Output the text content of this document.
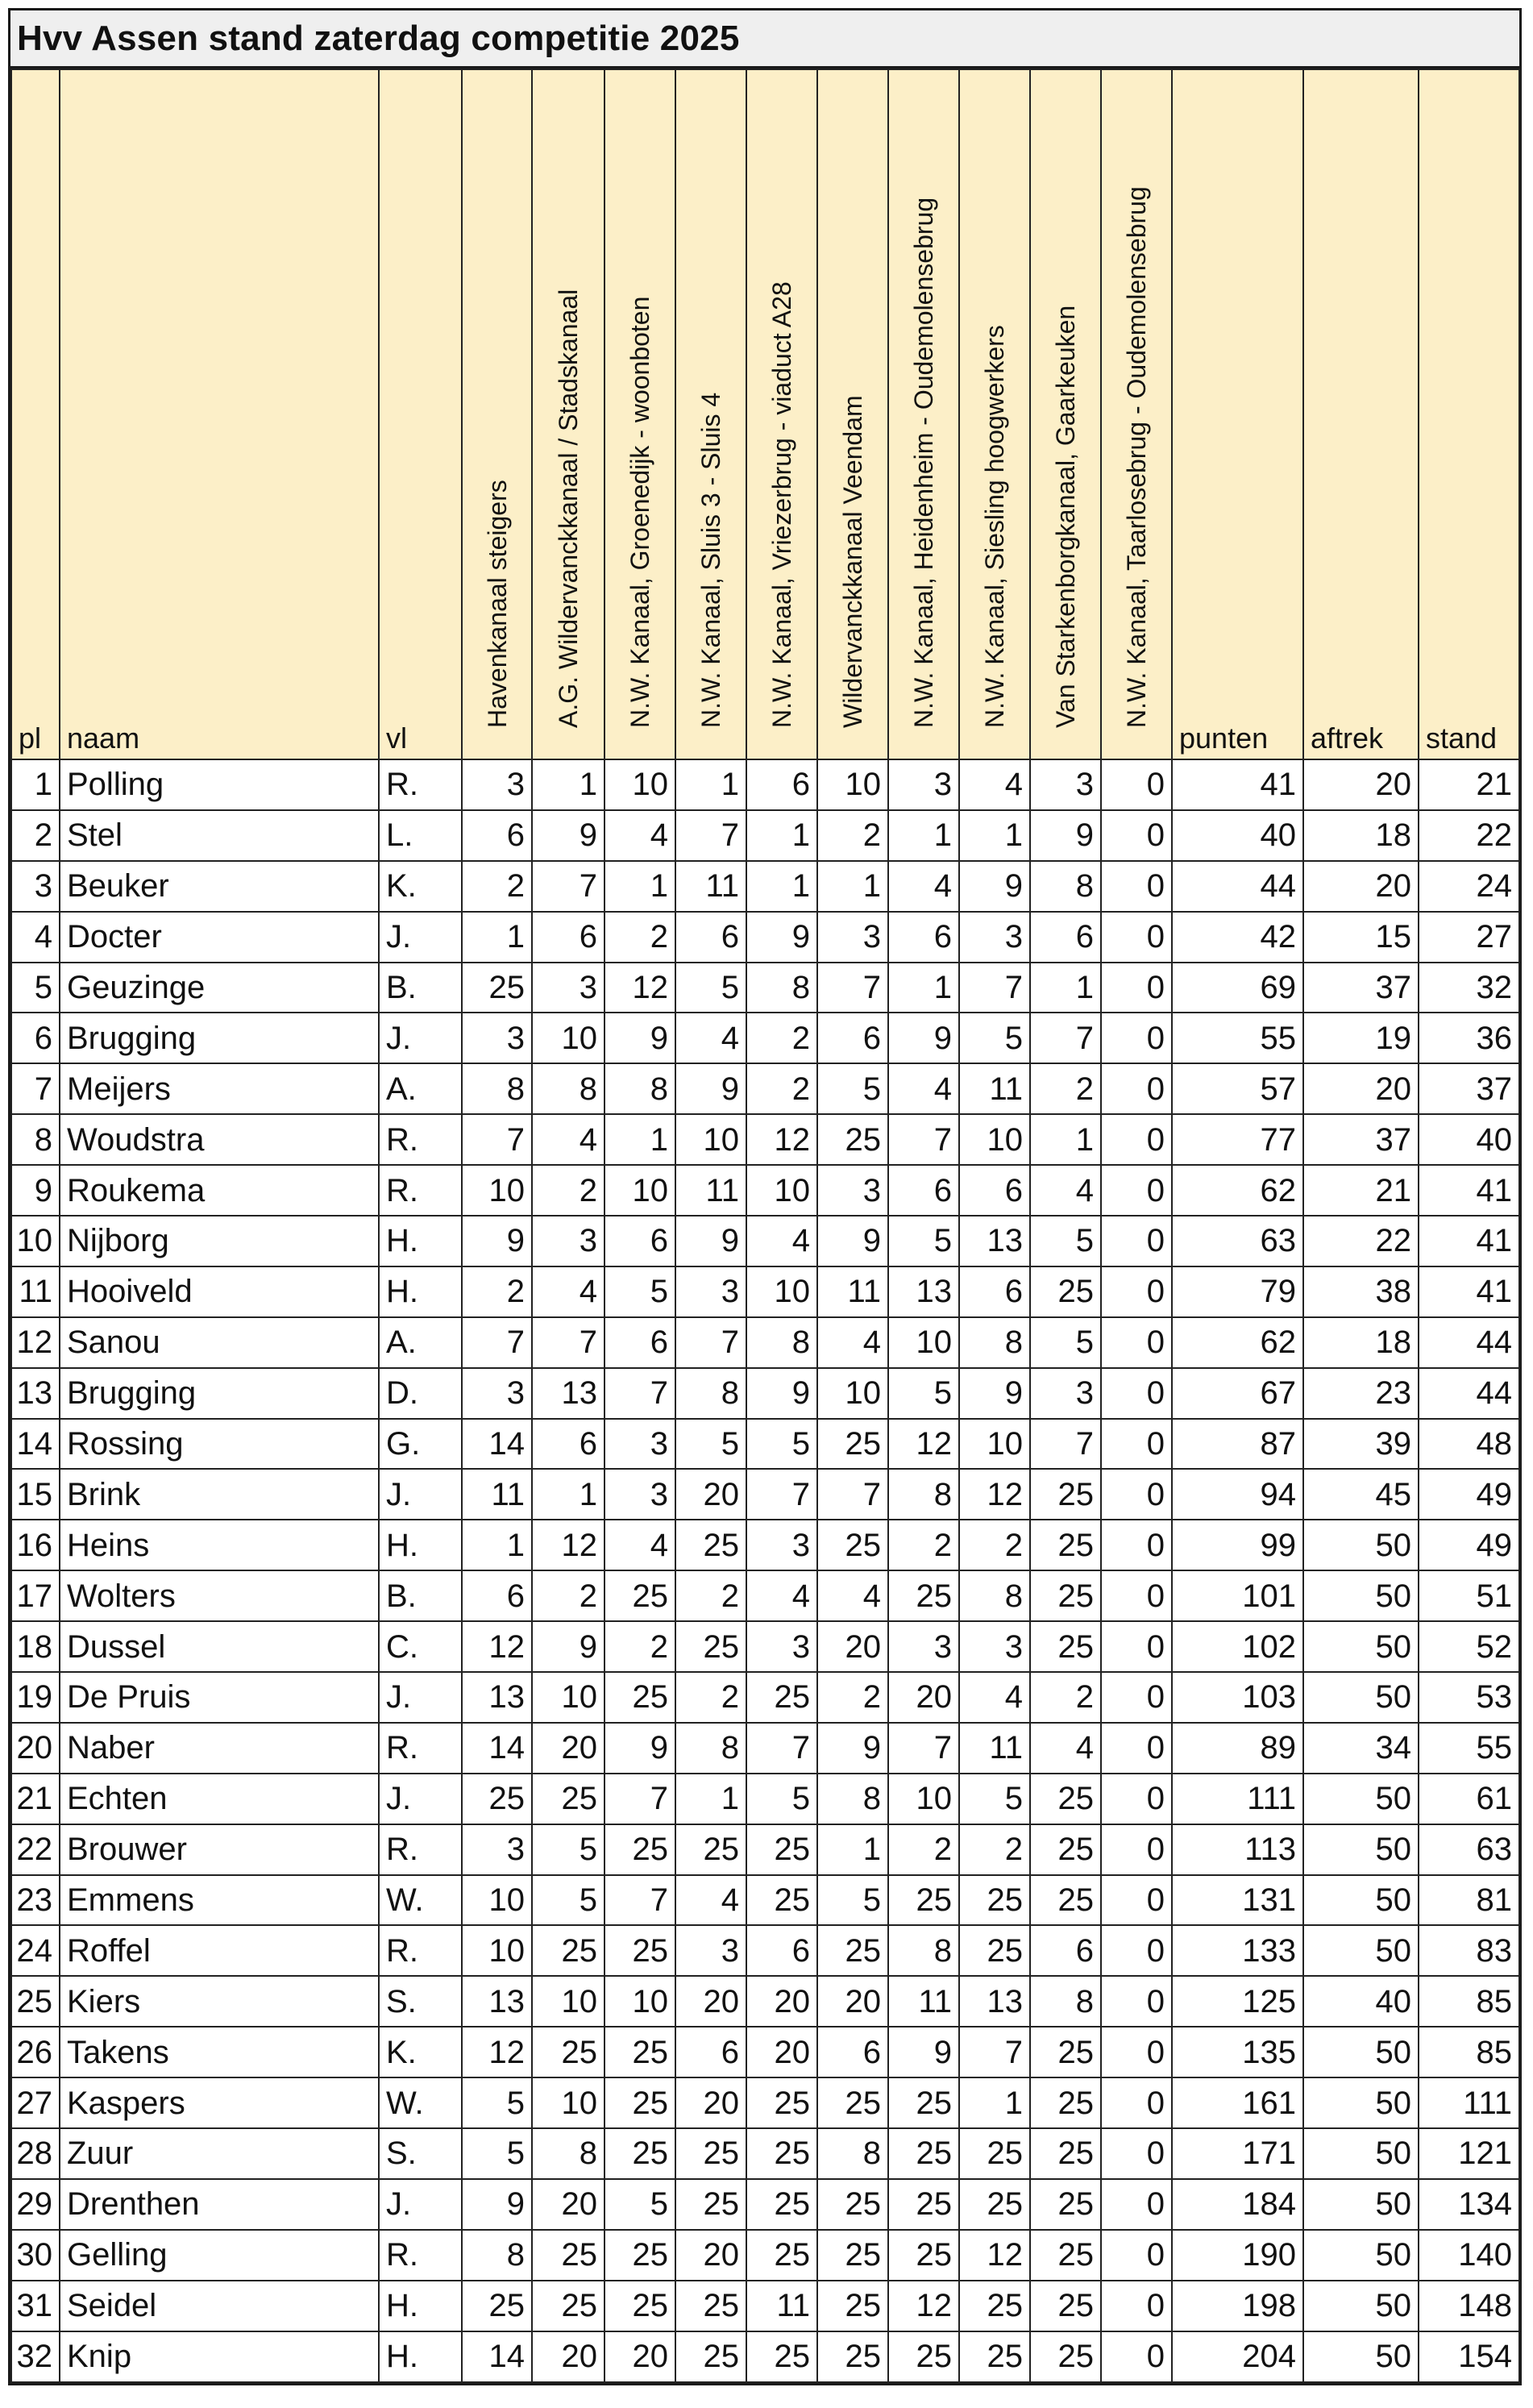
Hvv Assen stand zaterdag competitie 2025
pl	naam	vl	Havenkanaal steigers	A.G. Wildervanckkanaal / Stadskanaal	N.W. Kanaal, Groenedijk - woonboten	N.W. Kanaal, Sluis 3 - Sluis 4	N.W. Kanaal, Vriezerbrug - viaduct A28	Wildervanckkanaal Veendam	N.W. Kanaal, Heidenheim - Oudemolensebrug	N.W. Kanaal, Siesling hoogwerkers	Van Starkenborgkanaal, Gaarkeuken	N.W. Kanaal, Taarlosebrug - Oudemolensebrug	punten	aftrek	stand

1	Polling	R.	3	1	10	1	6	10	3	4	3	0	41	20	21
2	Stel	L.	6	9	4	7	1	2	1	1	9	0	40	18	22
3	Beuker	K.	2	7	1	11	1	1	4	9	8	0	44	20	24
4	Docter	J.	1	6	2	6	9	3	6	3	6	0	42	15	27
5	Geuzinge	B.	25	3	12	5	8	7	1	7	1	0	69	37	32
6	Brugging	J.	3	10	9	4	2	6	9	5	7	0	55	19	36
7	Meijers	A.	8	8	8	9	2	5	4	11	2	0	57	20	37
8	Woudstra	R.	7	4	1	10	12	25	7	10	1	0	77	37	40
9	Roukema	R.	10	2	10	11	10	3	6	6	4	0	62	21	41
10	Nijborg	H.	9	3	6	9	4	9	5	13	5	0	63	22	41
11	Hooiveld	H.	2	4	5	3	10	11	13	6	25	0	79	38	41
12	Sanou	A.	7	7	6	7	8	4	10	8	5	0	62	18	44
13	Brugging	D.	3	13	7	8	9	10	5	9	3	0	67	23	44
14	Rossing	G.	14	6	3	5	5	25	12	10	7	0	87	39	48
15	Brink	J.	11	1	3	20	7	7	8	12	25	0	94	45	49
16	Heins	H.	1	12	4	25	3	25	2	2	25	0	99	50	49
17	Wolters	B.	6	2	25	2	4	4	25	8	25	0	101	50	51
18	Dussel	C.	12	9	2	25	3	20	3	3	25	0	102	50	52
19	De Pruis	J.	13	10	25	2	25	2	20	4	2	0	103	50	53
20	Naber	R.	14	20	9	8	7	9	7	11	4	0	89	34	55
21	Echten	J.	25	25	7	1	5	8	10	5	25	0	111	50	61
22	Brouwer	R.	3	5	25	25	25	1	2	2	25	0	113	50	63
23	Emmens	W.	10	5	7	4	25	5	25	25	25	0	131	50	81
24	Roffel	R.	10	25	25	3	6	25	8	25	6	0	133	50	83
25	Kiers	S.	13	10	10	20	20	20	11	13	8	0	125	40	85
26	Takens	K.	12	25	25	6	20	6	9	7	25	0	135	50	85
27	Kaspers	W.	5	10	25	20	25	25	25	1	25	0	161	50	111
28	Zuur	S.	5	8	25	25	25	8	25	25	25	0	171	50	121
29	Drenthen	J.	9	20	5	25	25	25	25	25	25	0	184	50	134
30	Gelling	R.	8	25	25	20	25	25	25	12	25	0	190	50	140
31	Seidel	H.	25	25	25	25	11	25	12	25	25	0	198	50	148
32	Knip	H.	14	20	20	25	25	25	25	25	25	0	204	50	154
